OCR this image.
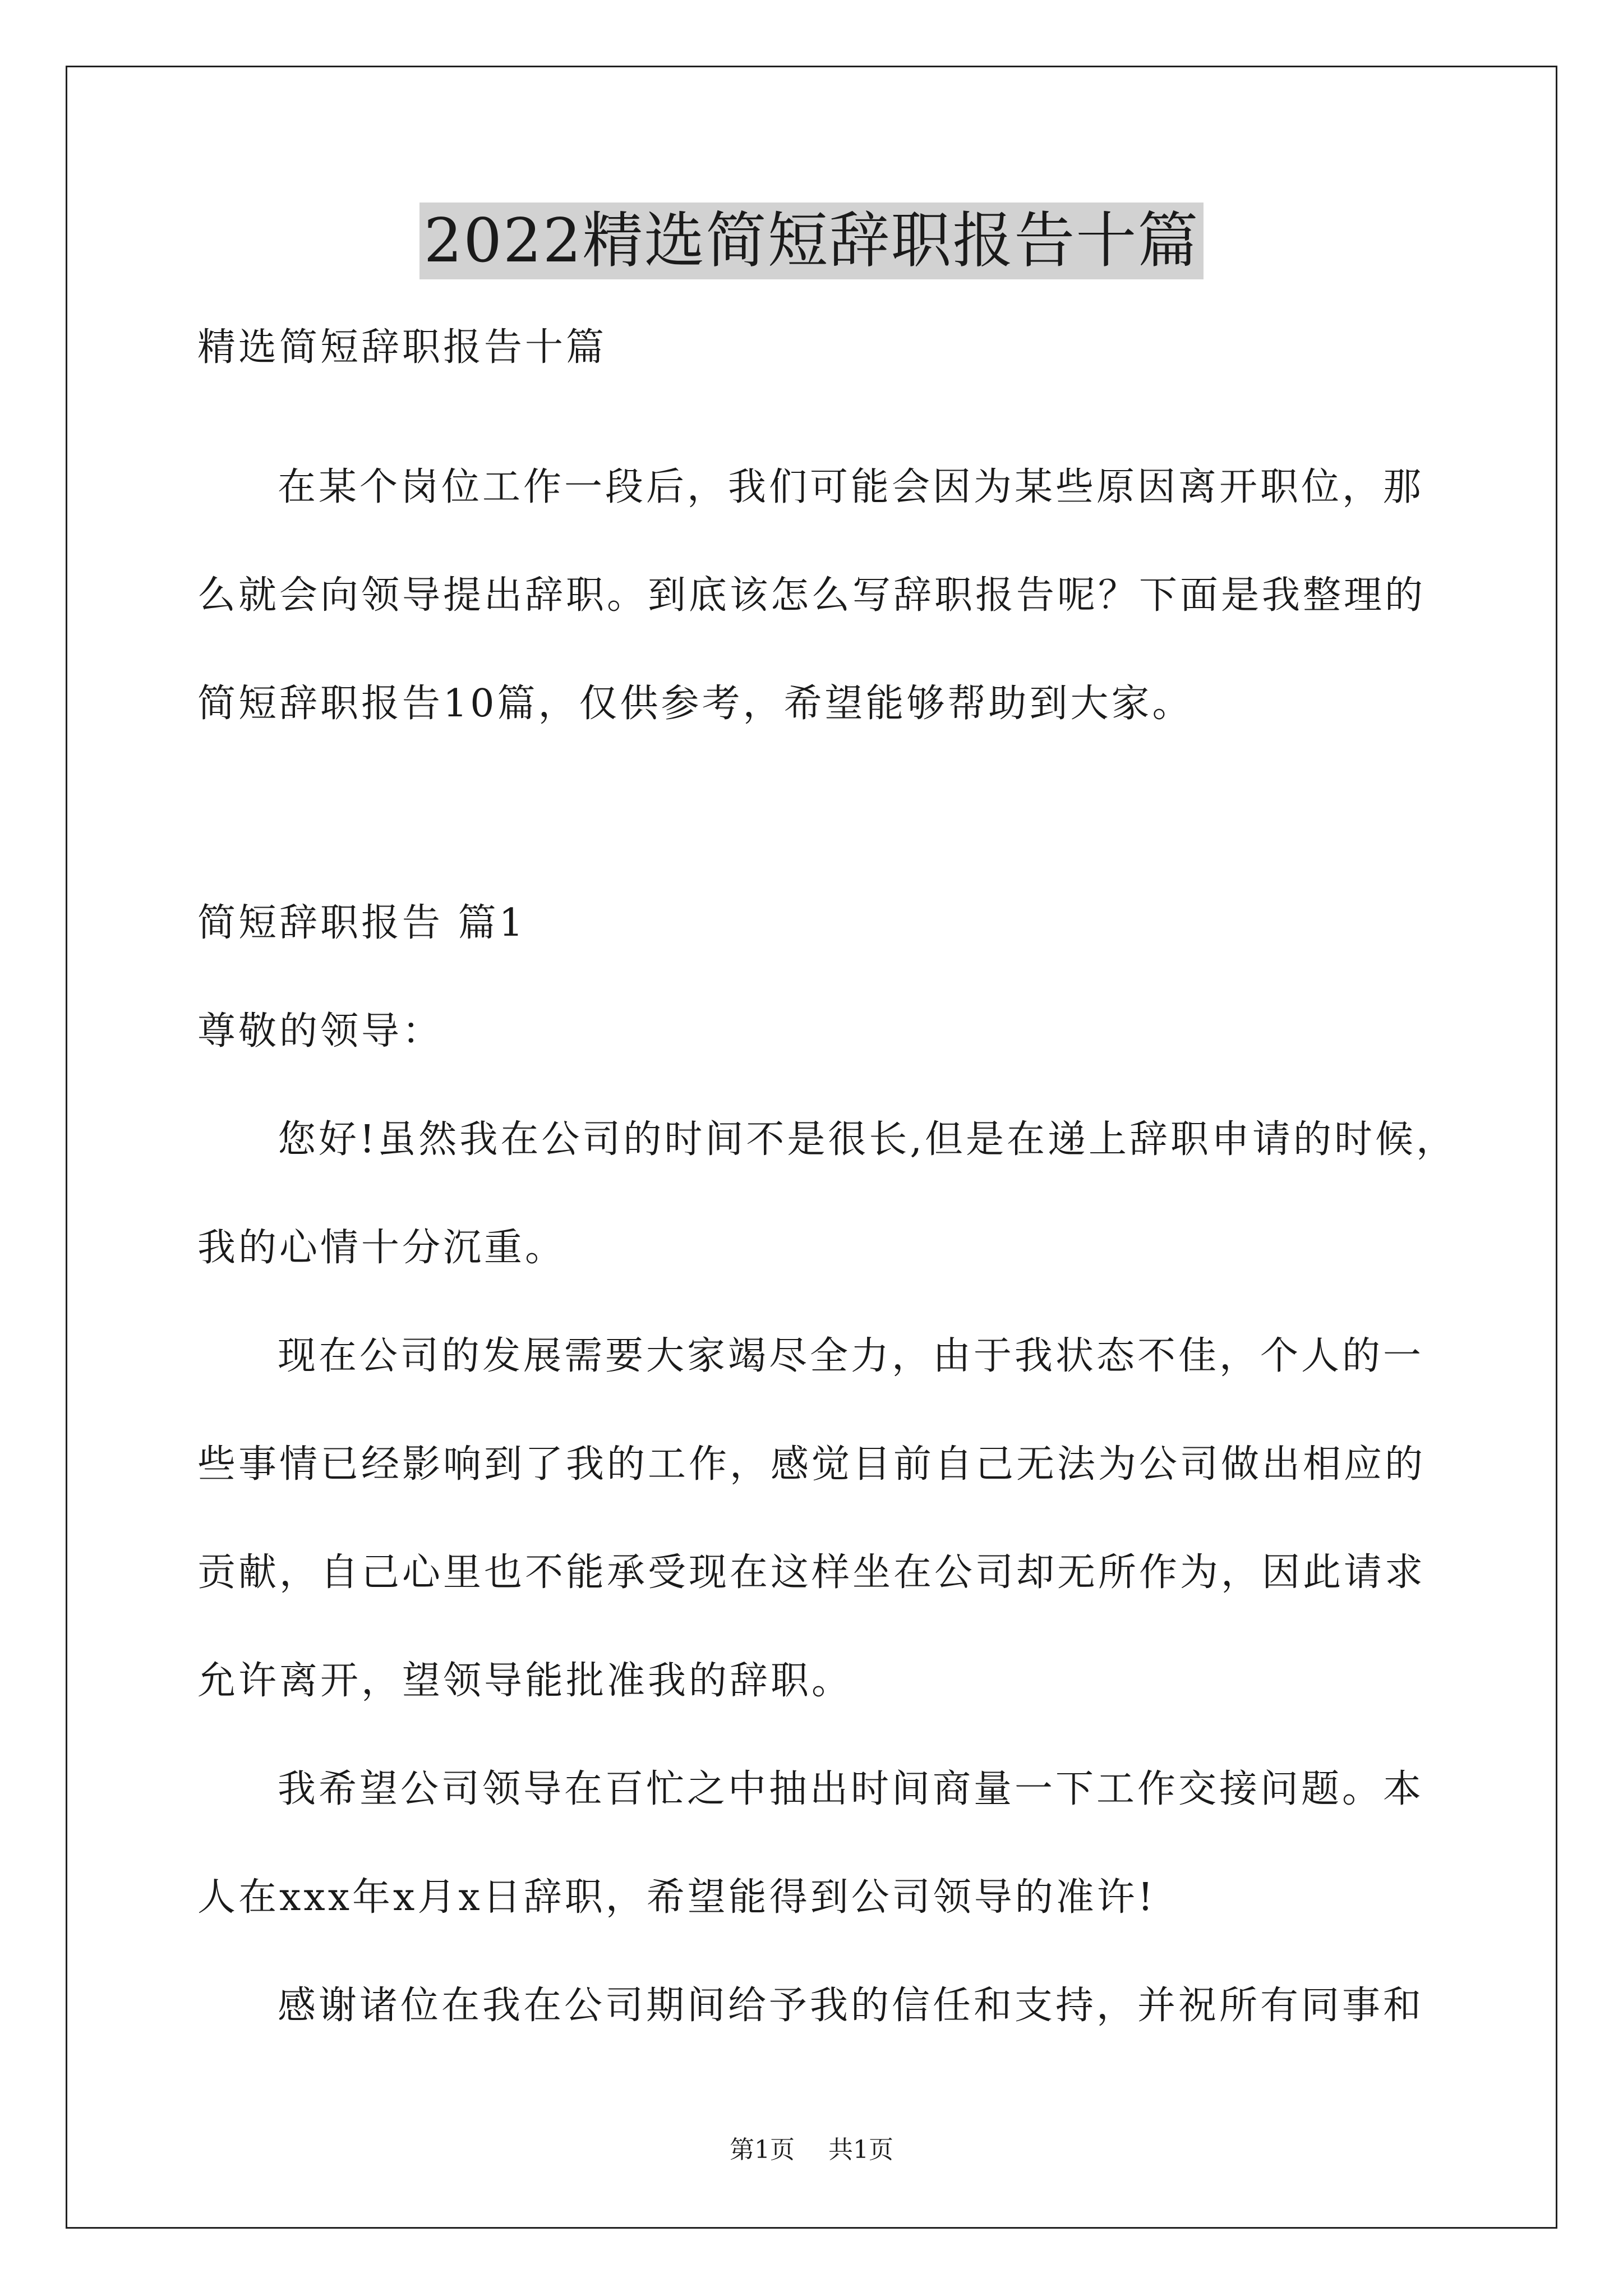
2022精选简短辞职报告十篇
精选简短辞职报告十篇
在某个岗位工作一段后，我们可能会因为某些原因离开职位，那
么就会向领导提出辞职。到底该怎么写辞职报告呢？下面是我整理的
简短辞职报告10篇，仅供参考，希望能够帮助到大家。
简短辞职报告 篇1
尊敬的领导：
您好!虽然我在公司的时间不是很长,但是在递上辞职申请的时候，
我的心情十分沉重。
现在公司的发展需要大家竭尽全力，由于我状态不佳，个人的一
些事情已经影响到了我的工作，感觉目前自己无法为公司做出相应的
贡献，自己心里也不能承受现在这样坐在公司却无所作为，因此请求
允许离开，望领导能批准我的辞职。
我希望公司领导在百忙之中抽出时间商量一下工作交接问题。本
人在xxx年x月x日辞职，希望能得到公司领导的准许!
感谢诸位在我在公司期间给予我的信任和支持，并祝所有同事和
第1页 共1页
